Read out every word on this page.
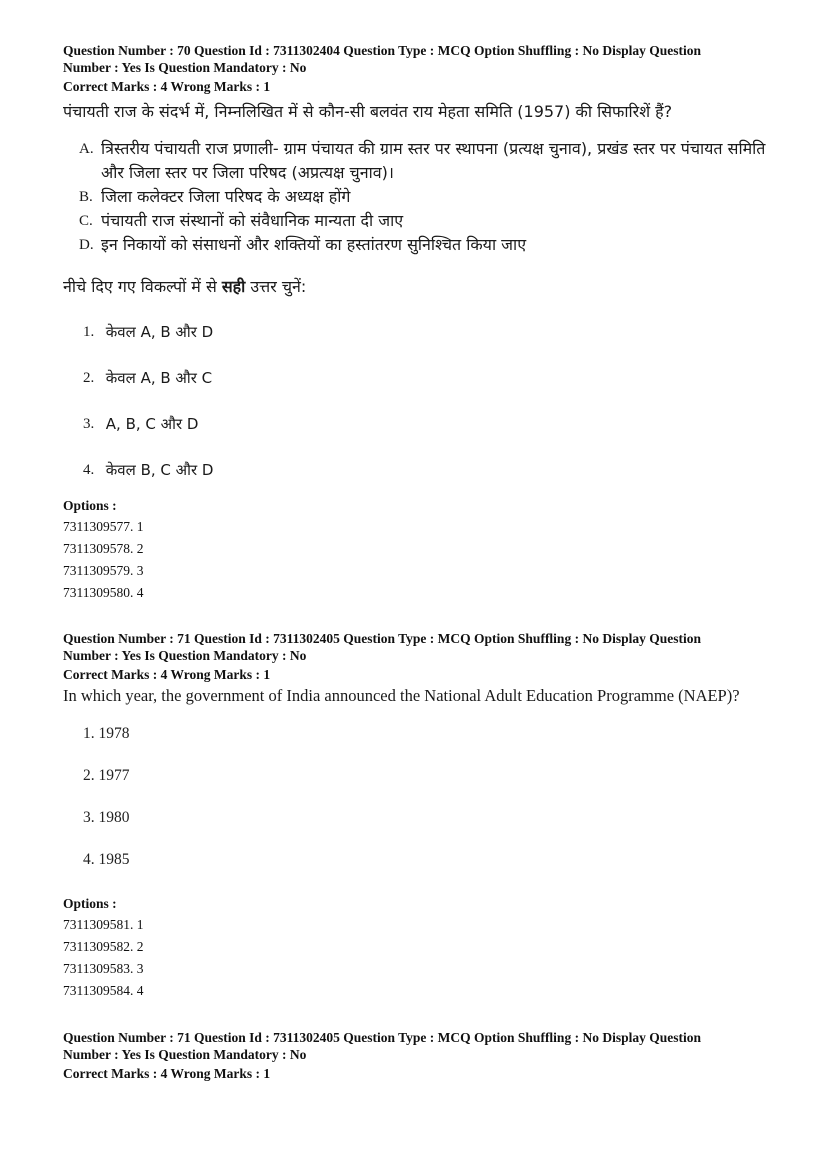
Question Number : 70 Question Id : 7311302404 Question Type : MCQ Option Shuffling : No Display Question

Number : Yes Is Question Mandatory : No

Correct Marks : 4 Wrong Marks : 1

पंचायती राज के संदर्भ में, निम्नलिखित में से कौन-सी बलवंत राय मेहता समिति (1957) की सिफारिशें हैं?

A. त्रिस्तरीय पंचायती राज प्रणाली- ग्राम पंचायत की ग्राम स्तर पर स्थापना (प्रत्यक्ष चुनाव), प्रखंड स्तर पर पंचायत समिति और जिला स्तर पर जिला परिषद (अप्रत्यक्ष चुनाव)।
B. जिला कलेक्टर जिला परिषद के अध्यक्ष होंगे
C. पंचायती राज संस्थानों को संवैधानिक मान्यता दी जाए
D. इन निकायों को संसाधनों और शक्तियों का हस्तांतरण सुनिश्चित किया जाए

नीचे दिए गए विकल्पों में से सही उत्तर चुनें:

1.
केवल A, B और D
2.
केवल A, B और C
3.
A, B, C और D
4.
केवल B, C और D

Options :

7311309577. 1
7311309578. 2
7311309579. 3
7311309580. 4

Question Number : 71 Question Id : 7311302405 Question Type : MCQ Option Shuffling : No Display Question

Number : Yes Is Question Mandatory : No

Correct Marks : 4 Wrong Marks : 1

In which year, the government of India announced the National Adult Education Programme (NAEP)?

1. 1978
2. 1977
3. 1980
4. 1985

Options :

7311309581. 1
7311309582. 2
7311309583. 3
7311309584. 4

Question Number : 71 Question Id : 7311302405 Question Type : MCQ Option Shuffling : No Display Question

Number : Yes Is Question Mandatory : No

Correct Marks : 4 Wrong Marks : 1
